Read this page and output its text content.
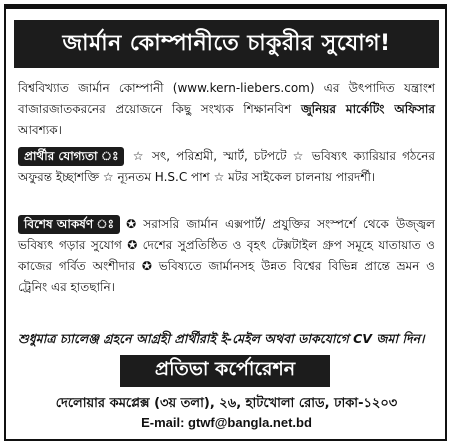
জার্মান কোম্পানীতে চাকুরীর সুযোগ!
বিশ্ববিখ্যাত জার্মান কোম্পানী (www.kern-liebers.com) এর উৎপাদিত যন্ত্রাংশ বাজারজাতকরনের প্রয়োজনে কিছু সংখ্যক শিক্ষানবিশ জুনিয়র মার্কেটিং অফিসার আবশ্যক।
প্রার্থীর যোগ্যতা ঃ ☆ সৎ, পরিশ্রমী, স্মার্ট, চটপটে ☆ ভবিষ্যৎ ক্যারিয়ার গঠনের অফুরন্ত ইচ্ছাশক্তি ☆ ন্যূনতম H.S.C পাশ ☆ মটর সাইকেল চালনায় পারদর্শী।
বিশেষ আকর্ষণ ঃ ✪ সরাসরি জার্মান এক্সপার্ট/ প্রযুক্তির সংস্পর্শে থেকে উজ্জ্বল ভবিষ্যৎ গড়ার সুযোগ ✪ দেশের সুপ্রতিষ্ঠিত ও বৃহৎ টেক্সটাইল গ্রুপ সমূহে যাতায়াত ও কাজের গর্বিত অংশীদার ✪ ভবিষ্যতে জার্মানসহ উন্নত বিশ্বের বিভিন্ন প্রান্তে ভ্রমন ও ট্রেনিং এর হাতছানি।
শুধুমাত্র চ্যালেঞ্জ গ্রহনে আগ্রহী প্রার্থীরাই ই-মেইল অথবা ডাকযোগে CV জমা দিন।
প্রতিভা কর্পোরেশন
দেলোয়ার কমপ্লেক্স (৩য় তলা), ২৬, হাটখোলা রোড, ঢাকা-১২০৩
E-mail: gtwf@bangla.net.bd
